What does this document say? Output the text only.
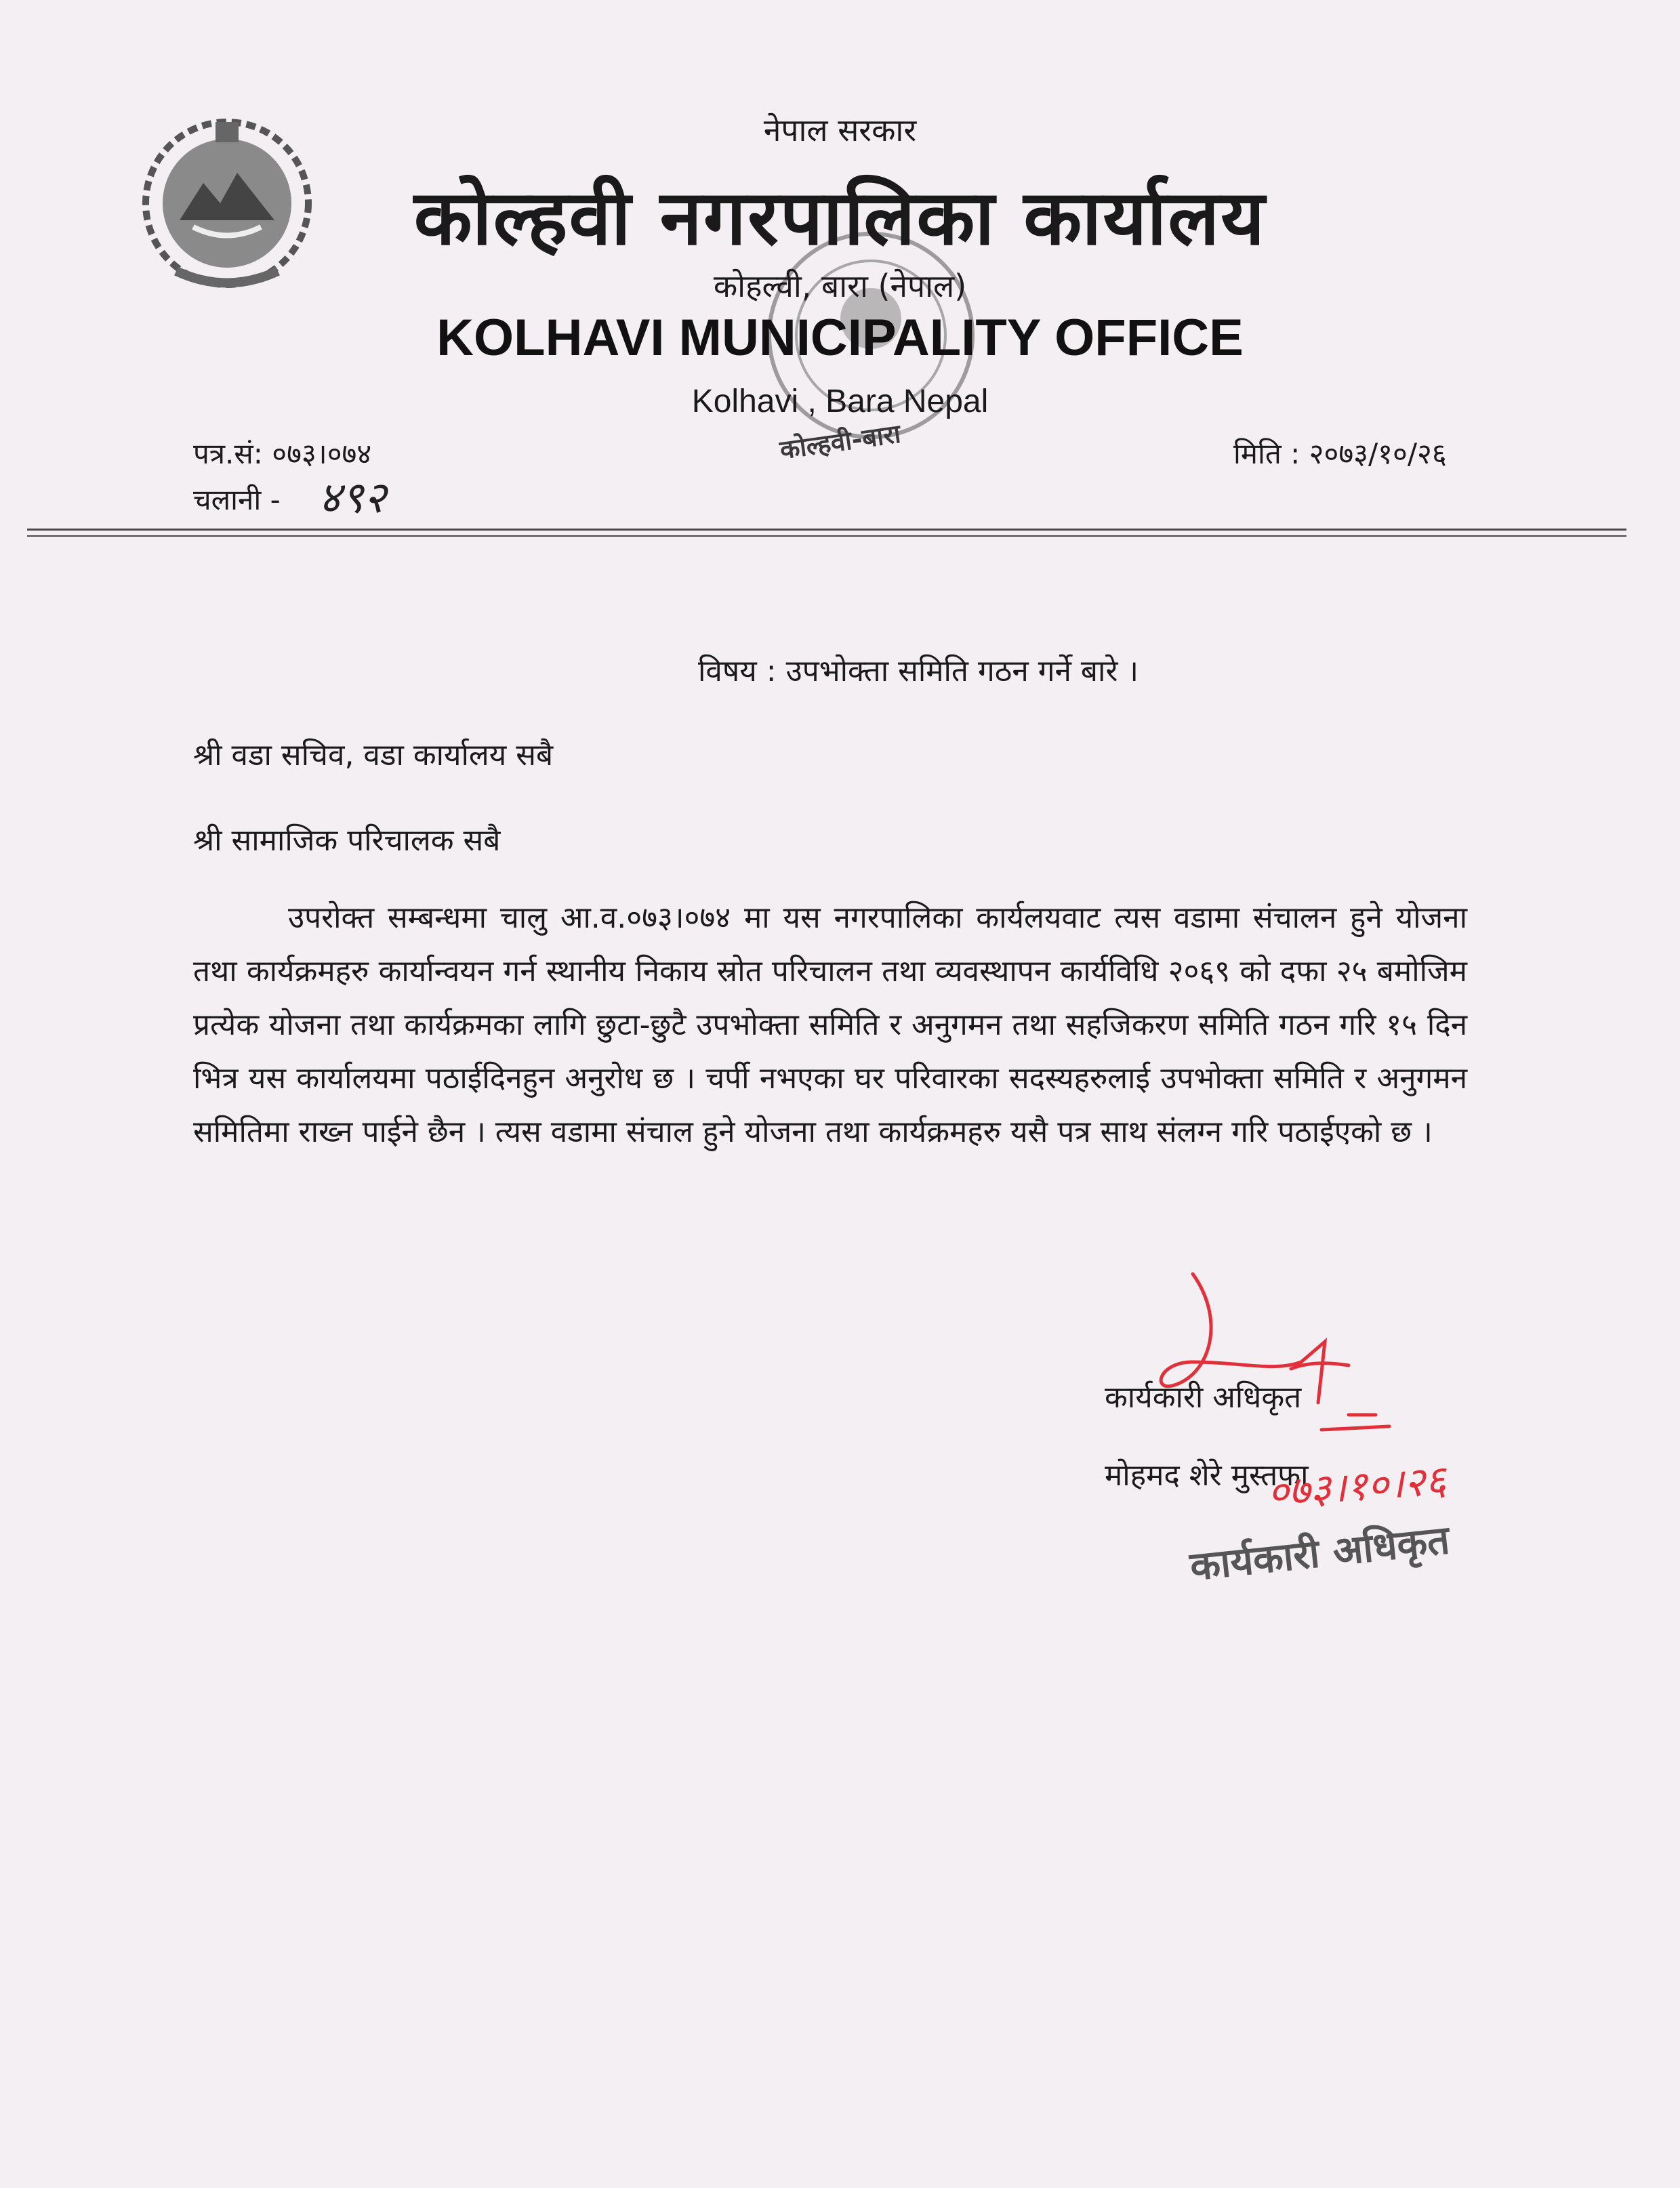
कोल्हवी-बारा
नेपाल सरकार
कोल्हवी नगरपालिका कार्यालय
कोहल्वी, बारा (नेपाल)
KOLHAVI MUNICIPALITY OFFICE
Kolhavi , Bara Nepal
पत्र.सं: ०७३।०७४
चलानी - ४९२
मिति : २०७३/१०/२६
विषय : उपभोक्ता समिति गठन गर्ने बारे ।
श्री वडा सचिव, वडा कार्यालय सबै
श्री सामाजिक परिचालक सबै
उपरोक्त सम्बन्धमा चालु आ.व.०७३।०७४ मा यस नगरपालिका कार्यलयवाट त्यस वडामा संचालन हुने योजना तथा कार्यक्रमहरु कार्यान्वयन गर्न स्थानीय निकाय स्रोत परिचालन तथा व्यवस्थापन कार्यविधि २०६९ को दफा २५ बमोजिम प्रत्येक योजना तथा कार्यक्रमका लागि छुटा-छुटै उपभोक्ता समिति र अनुगमन तथा सहजिकरण समिति गठन गरि १५ दिन भित्र यस कार्यालयमा पठाईदिनहुन अनुरोध छ । चर्पी नभएका घर परिवारका सदस्यहरुलाई उपभोक्ता समिति र अनुगमन समितिमा राख्न पाईने छैन । त्यस वडामा संचाल हुने योजना तथा कार्यक्रमहरु यसै पत्र साथ संलग्न गरि पठाईएको छ ।
कार्यकारी अधिकृत
मोहमद शेरे मुस्तफा
०७३।१०।२६
कार्यकारी अधिकृत
